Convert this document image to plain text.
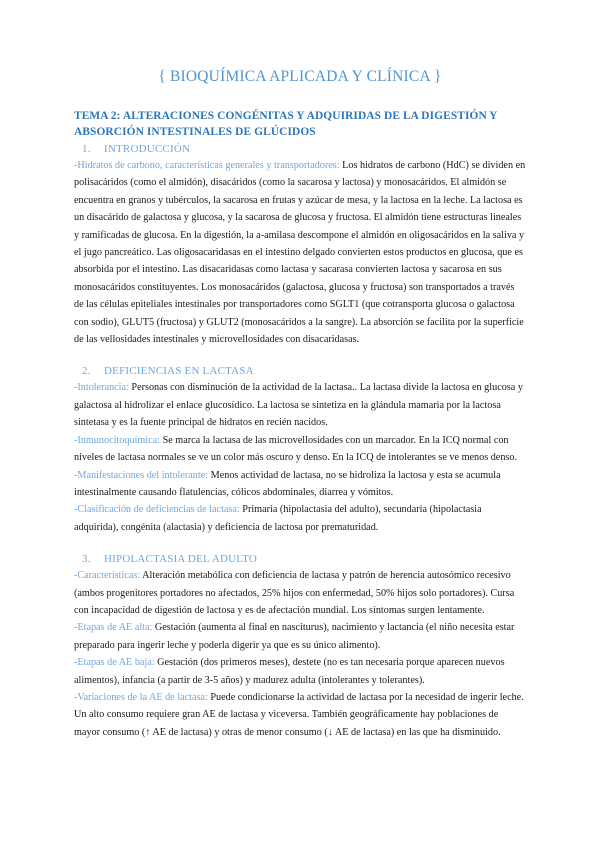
{ BIOQUÍMICA APLICADA Y CLÍNICA }

TEMA 2: ALTERACIONES CONGÉNITAS Y ADQUIRIDAS DE LA DIGESTIÓN Y ABSORCIÓN INTESTINALES DE GLÚCIDOS

1. INTRODUCCIÓN

-Hidratos de carbono, características generales y transportadores: Los hidratos de carbono (HdC) se dividen en polisacáridos (como el almidón), disacáridos (como la sacarosa y lactosa) y monosacáridos. El almidón se encuentra en granos y tubérculos, la sacarosa en frutas y azúcar de mesa, y la lactosa en la leche. La lactosa es un disacárido de galactosa y glucosa, y la sacarosa de glucosa y fructosa. El almidón tiene estructuras lineales y ramificadas de glucosa. En la digestión, la a-amilasa descompone el almidón en oligosacáridos en la saliva y el jugo pancreático. Las oligosacaridasas en el intestino delgado convierten estos productos en glucosa, que es absorbida por el intestino. Las disacaridasas como lactasa y sacarasa convierten lactosa y sacarosa en sus monosacáridos constituyentes. Los monosacáridos (galactosa, glucosa y fructosa) son transportados a través de las células epiteliales intestinales por transportadores como SGLT1 (que cotransporta glucosa o galactosa con sodio), GLUT5 (fructosa) y GLUT2 (monosacáridos a la sangre). La absorción se facilita por la superficie de las vellosidades intestinales y microvellosidades con disacaridasas.

2. DEFICIENCIAS EN LACTASA

-Intolerancia: Personas con disminución de la actividad de la lactasa.. La lactasa divide la lactosa en glucosa y galactosa al hidrolizar el enlace glucosídico. La lactosa se sintetiza en la glándula mamaria por la lactosa sintetasa y es la fuente principal de hidratos en recién nacidos.

-Inmunocitoquímica: Se marca la lactasa de las microvellosidades con un marcador. En la ICQ normal con niveles de lactasa normales se ve un color más oscuro y denso. En la ICQ de intolerantes se ve menos denso.

-Manifestaciones del intolerante: Menos actividad de lactasa, no se hidroliza la lactosa y esta se acumula intestinalmente causando flatulencias, cólicos abdominales, diarrea y vómitos.

-Clasificación de deficiencias de lactasa: Primaria (hipolactasia del adulto), secundaria (hipolactasia adquirida), congénita (alactasia) y deficiencia de lactosa por prematuridad.

3. HIPOLACTASIA DEL ADULTO

-Características: Alteración metabólica con deficiencia de lactasa y patrón de herencia autosómico recesivo (ambos progenitores portadores no afectados, 25% hijos con enfermedad, 50% hijos solo portadores). Cursa con incapacidad de digestión de lactosa y es de afectación mundial. Los síntomas surgen lentamente.

-Etapas de AE alta: Gestación (aumenta al final en nasciturus), nacimiento y lactancia (el niño necesita estar preparado para ingerir leche y poderla digerir ya que es su único alimento).

-Etapas de AE baja: Gestación (dos primeros meses), destete (no es tan necesaria porque aparecen nuevos alimentos), infancia (a partir de 3-5 años) y madurez adulta (intolerantes y tolerantes).

-Variaciones de la AE de lactasa: Puede condicionarse la actividad de lactasa por la necesidad de ingerir leche. Un alto consumo requiere gran AE de lactasa y viceversa. También geográficamente hay poblaciones de mayor consumo (↑ AE de lactasa) y otras de menor consumo (↓ AE de lactasa) en las que ha disminuido.
